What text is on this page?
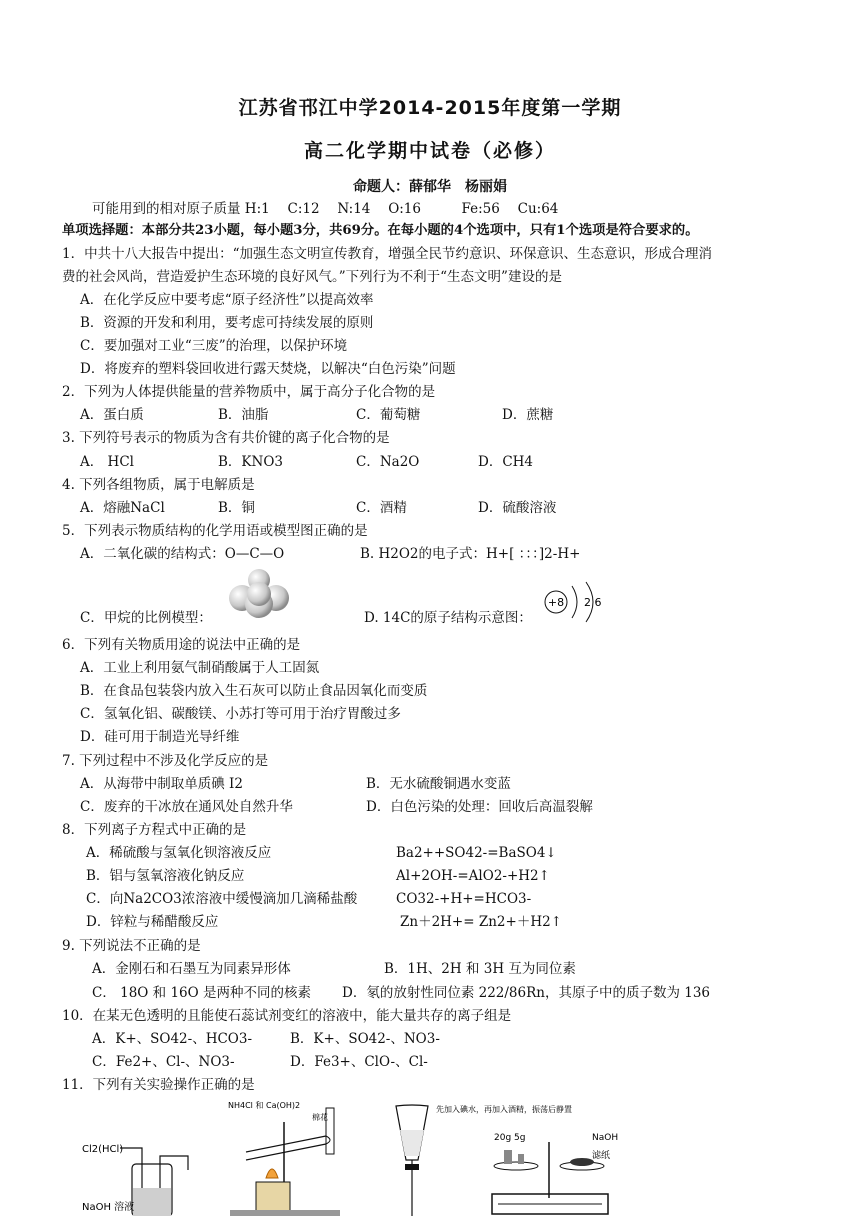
江苏省邗江中学2014-2015年度第一学期
高二化学期中试卷（必修）
命题人：薛郁华　杨丽娟
可能用到的相对原子质量 H:1　 C:12　 N:14　 O:16　　　Fe:56　 Cu:64
单项选择题：本部分共23小题，每小题3分，共69分。在每小题的4个选项中，只有1个选项是符合要求的。
1．中共十八大报告中提出：“加强生态文明宣传教育，增强全民节约意识、环保意识、生态意识，形成合理消
费的社会风尚，营造爱护生态环境的良好风气。”下列行为不利于“生态文明”建设的是
A．在化学反应中要考虑“原子经济性”以提高效率
B．资源的开发和利用，要考虑可持续发展的原则
C．要加强对工业“三废”的治理，以保护环境
D．将废弃的塑料袋回收进行露天焚烧，以解决“白色污染”问题
2．下列为人体提供能量的营养物质中，属于高分子化合物的是
A．蛋白质	B．油脂	C．葡萄糖	D．蔗糖
3. 下列符号表示的物质为含有共价键的离子化合物的是
A． HCl	B．KNO3	C．Na2O	D．CH4
4. 下列各组物质，属于电解质是
A．熔融NaCl	B．铜	C．酒精	D．硫酸溶液
5．下列表示物质结构的化学用语或模型图正确的是
A．二氧化碳的结构式：O—C—O	B. H2O2的电子式：H+[ ：：：]2-H+
C．甲烷的比例模型：	D. 14C的原子结构示意图：
+8 2 6
6．下列有关物质用途的说法中正确的是
A．工业上利用氨气制硝酸属于人工固氮
B．在食品包装袋内放入生石灰可以防止食品因氧化而变质
C．氢氧化铝、碳酸镁、小苏打等可用于治疗胃酸过多
D．硅可用于制造光导纤维
7. 下列过程中不涉及化学反应的是
A．从海带中制取单质碘 I2	B．无水硫酸铜遇水变蓝
C．废弃的干冰放在通风处自然升华	D．白色污染的处理：回收后高温裂解
8．下列离子方程式中正确的是
A．稀硫酸与氢氧化钡溶液反应	Ba2++SO42-=BaSO4↓
B．铝与氢氧溶液化钠反应	Al+2OH-=AlO2-+H2↑
C．向Na2CO3浓溶液中缓慢滴加几滴稀盐酸	CO32-+H+=HCO3-
D．锌粒与稀醋酸反应	Zn＋2H+= Zn2+＋H2↑
9. 下列说法不正确的是
A．金刚石和石墨互为同素异形体	B．1H、2H 和 3H 互为同位素
C． 18O 和 16O 是两种不同的核素 D．氡的放射性同位素 222/86Rn，其原子中的质子数为 136
10．在某无色透明的且能使石蕊试剂变红的溶液中，能大量共存的离子组是
A．K+、SO42-、HCO3-	B．K+、SO42-、NO3-
C．Fe2+、Cl-、NO3-	D．Fe3+、ClO-、Cl-
11．下列有关实验操作正确的是
Cl2(HCl)
NaOH 溶液
NH4Cl 和 Ca(OH)2
棉花
先加入碘水，再加入酒精，振荡后静置
20g 5g	NaOH
滤纸
